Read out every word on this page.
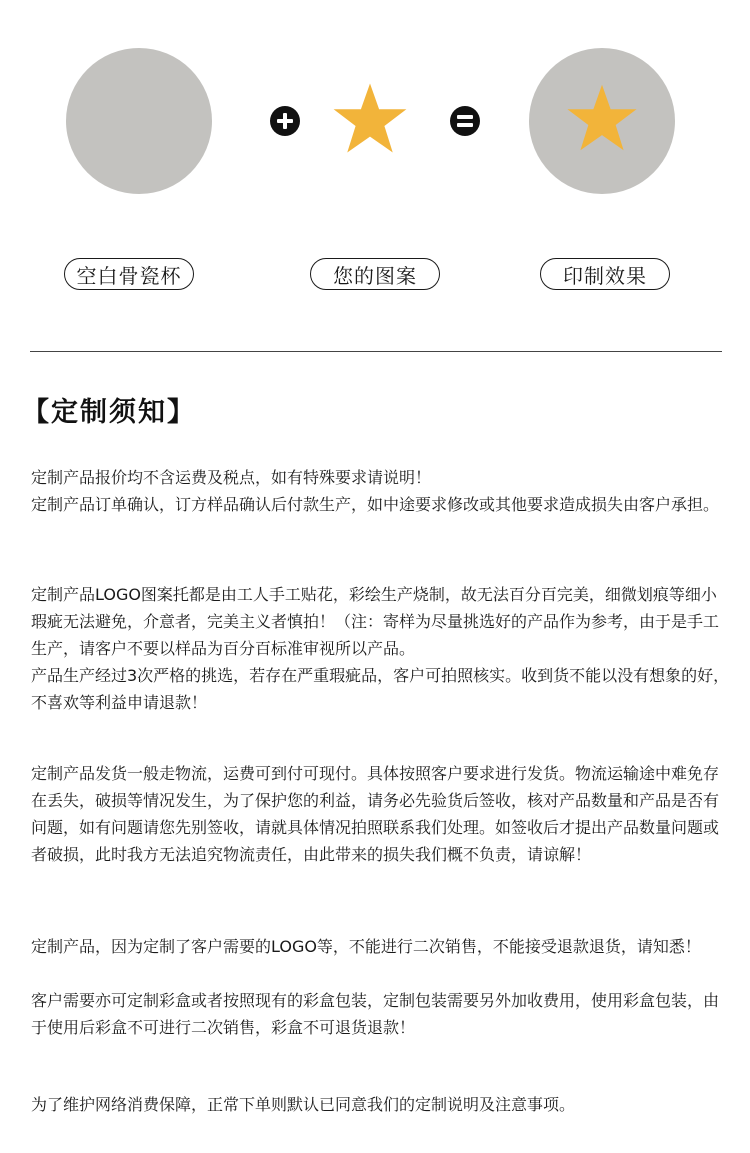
空白骨瓷杯	您的图案	印制效果
【定制须知】
定制产品报价均不含运费及税点，如有特殊要求请说明！
定制产品订单确认，订方样品确认后付款生产，如中途要求修改或其他要求造成损失由客户承担。
定制产品LOGO图案托都是由工人手工贴花，彩绘生产烧制，故无法百分百完美，细微划痕等细小瑕疵无法避免，介意者，完美主义者慎拍！（注：寄样为尽量挑选好的产品作为参考，由于是手工生产，请客户不要以样品为百分百标准审视所以产品。
产品生产经过3次严格的挑选，若存在严重瑕疵品，客户可拍照核实。收到货不能以没有想象的好，不喜欢等利益申请退款！
定制产品发货一般走物流，运费可到付可现付。具体按照客户要求进行发货。物流运输途中难免存在丢失，破损等情况发生，为了保护您的利益，请务必先验货后签收，核对产品数量和产品是否有问题，如有问题请您先别签收，请就具体情况拍照联系我们处理。如签收后才提出产品数量问题或者破损，此时我方无法追究物流责任，由此带来的损失我们概不负责，请谅解！
定制产品，因为定制了客户需要的LOGO等，不能进行二次销售，不能接受退款退货，请知悉！
客户需要亦可定制彩盒或者按照现有的彩盒包装，定制包装需要另外加收费用，使用彩盒包装，由于使用后彩盒不可进行二次销售，彩盒不可退货退款！
为了维护网络消费保障，正常下单则默认已同意我们的定制说明及注意事项。
